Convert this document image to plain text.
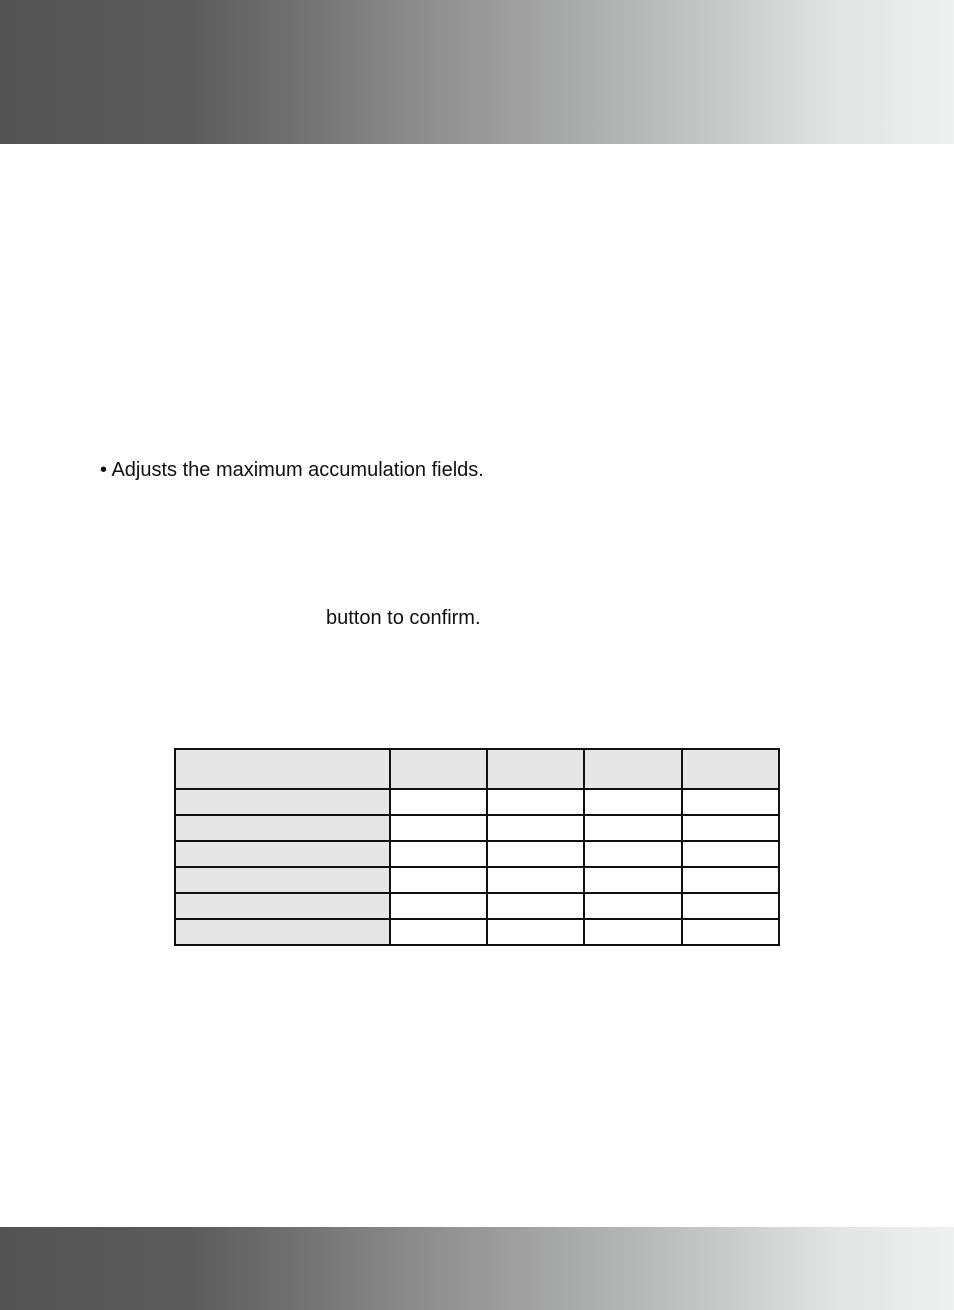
• Adjusts the maximum accumulation fields.
button to confirm.
